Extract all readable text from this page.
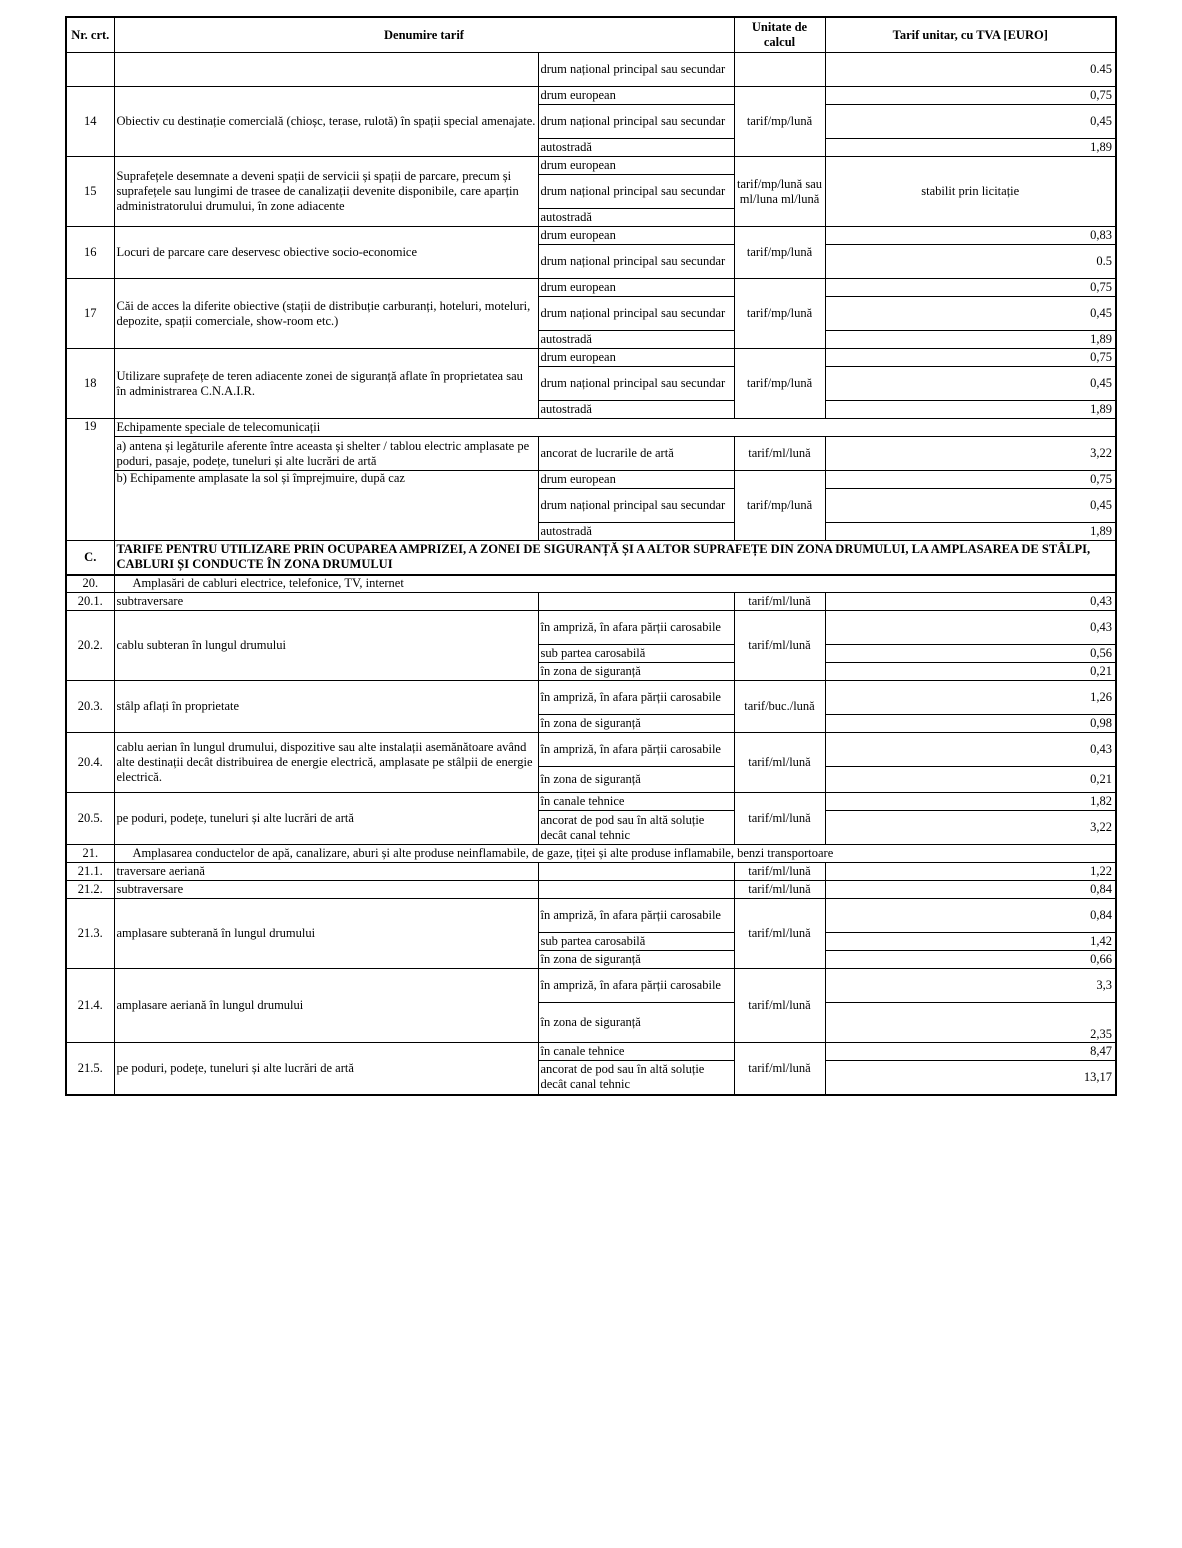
Nr. crt.	Denumire tarif		Unitate de calcul	Tarif unitar, cu TVA [EURO]
		drum național principal sau secundar		0.45
14	Obiectiv cu destinație comercială (chioșc, terase, rulotă) în spații special amenajate.	drum european	tarif/mp/lună	0,75
		drum național principal sau secundar		0,45
		autostradă		1,89
15	Suprafețele desemnate a deveni spații de servicii și spații de parcare, precum și suprafețele sau lungimi de trasee de canalizații devenite disponibile, care aparțin administratorului drumului, în zone adiacente	drum european	tarif/mp/lună sau ml/luna ml/lună	stabilit prin licitație
		drum național principal sau secundar		
		autostradă		
16	Locuri de parcare care deservesc obiective socio-economice	drum european	tarif/mp/lună	0,83
		drum național principal sau secundar		0.5
17	Căi de acces la diferite obiective (stații de distribuție carburanți, hoteluri, moteluri, depozite, spații comerciale, show-room etc.)	drum european	tarif/mp/lună	0,75
		drum național principal sau secundar		0,45
		autostradă		1,89
18	Utilizare suprafețe de teren adiacente zonei de siguranță aflate în proprietatea sau în administrarea C.N.A.I.R.	drum european	tarif/mp/lună	0,75
		drum național principal sau secundar		0,45
		autostradă		1,89
19	Echipamente speciale de telecomunicații			
	a) antena și legăturile aferente între aceasta și shelter / tablou electric amplasate pe poduri, pasaje, podețe, tuneluri și alte lucrări de artă	ancorat de lucrarile de artă	tarif/ml/lună	3,22
	b) Echipamente amplasate la sol și împrejmuire, după caz	drum european	tarif/mp/lună	0,75
		drum național principal sau secundar		0,45
		autostradă		1,89
C.	TARIFE PENTRU UTILIZARE PRIN OCUPAREA AMPRIZEI, A ZONEI DE SIGURANȚĂ ȘI A ALTOR SUPRAFEȚE DIN ZONA DRUMULUI, LA AMPLASAREA DE STÂLPI, CABLURI ȘI CONDUCTE ÎN ZONA DRUMULUI			
20.	Amplasări de cabluri electrice, telefonice, TV, internet			
20.1.	subtraversare		tarif/ml/lună	0,43
20.2.	cablu subteran în lungul drumului	în ampriză, în afara părții carosabile	tarif/ml/lună	0,43
		sub partea carosabilă		0,56
		în zona de siguranță		0,21
20.3.	stâlp aflați în proprietate	în ampriză, în afara părții carosabile	tarif/buc./lună	1,26
		în zona de siguranță		0,98
20.4.	cablu aerian în lungul drumului, dispozitive sau alte instalații asemănătoare având alte destinații decât distribuirea de energie electrică, amplasate pe stâlpii de energie electrică.	în ampriză, în afara părții carosabile	tarif/ml/lună	0,43
		în zona de siguranță		0,21
20.5.	pe poduri, podețe, tuneluri și alte lucrări de artă	în canale tehnice	tarif/ml/lună	1,82
		ancorat de pod sau în altă soluție decât canal tehnic		3,22
21.	Amplasarea conductelor de apă, canalizare, aburi și alte produse neinflamabile, de gaze, țiței și alte produse inflamabile, benzi transportoare			
21.1.	traversare aeriană		tarif/ml/lună	1,22
21.2.	subtraversare		tarif/ml/lună	0,84
21.3.	amplasare subterană în lungul drumului	în ampriză, în afara părții carosabile	tarif/ml/lună	0,84
		sub partea carosabilă		1,42
		în zona de siguranță		0,66
21.4.	amplasare aeriană în lungul drumului	în ampriză, în afara părții carosabile	tarif/ml/lună	3,3
		în zona de siguranță		2,35
21.5.	pe poduri, podețe, tuneluri și alte lucrări de artă	în canale tehnice	tarif/ml/lună	8,47
		ancorat de pod sau în altă soluție decât canal tehnic		13,17
